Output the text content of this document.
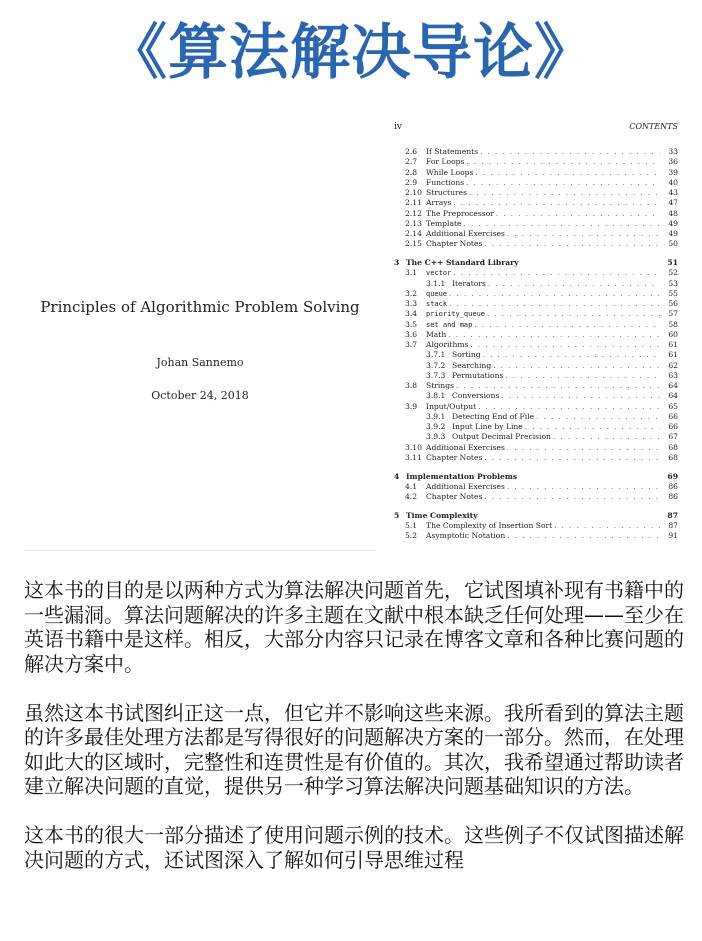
《算法解决导论》
Principles of Algorithmic Problem Solving
Johan Sannemo
October 24, 2018
iv	CONTENTS
2.6 If Statements . . .	33
2.7 For Loops . . .	36
2.8 While Loops . . .	39
2.9 Functions . . .	40
2.10 Structures . . .	43
2.11 Arrays . . .	47
2.12 The Preprocessor . . .	48
2.13 Template . . .	49
2.14 Additional Exercises . . .	49
2.15 Chapter Notes . . .	50
3 The C++ Standard Library	51
3.1 vector . . .	52
3.1.1 Iterators . . .	53
3.2 queue . . .	55
3.3 stack . . .	56
3.4 priority_queue . . .	57
3.5 set and map . . .	58
3.6 Math . . .	60
3.7 Algorithms . . .	61
3.7.1 Sorting . . .	61
3.7.2 Searching . . .	62
3.7.3 Permutations . . .	63
3.8 Strings . . .	64
3.8.1 Conversions . . .	64
3.9 Input/Output . . .	65
3.9.1 Detecting End of File . . .	66
3.9.2 Input Line by Line . . .	66
3.9.3 Output Decimal Precision . . .	67
3.10 Additional Exercises . . .	68
3.11 Chapter Notes . . .	68
4 Implementation Problems	69
4.1 Additional Exercises . . .	86
4.2 Chapter Notes . . .	86
5 Time Complexity	87
5.1 The Complexity of Insertion Sort . . .	87
5.2 Asymptotic Notation . . .	91

这本书的目的是以两种方式为算法解决问题首先，它试图填补现有书籍中的一些漏洞。算法问题解决的许多主题在文献中根本缺乏任何处理——至少在英语书籍中是这样。相反，大部分内容只记录在博客文章和各种比赛问题的解决方案中。

虽然这本书试图纠正这一点，但它并不影响这些来源。我所看到的算法主题的许多最佳处理方法都是写得很好的问题解决方案的一部分。然而，在处理如此大的区域时，完整性和连贯性是有价值的。其次，我希望通过帮助读者建立解决问题的直觉，提供另一种学习算法解决问题基础知识的方法。

这本书的很大一部分描述了使用问题示例的技术。这些例子不仅试图描述解决问题的方式，还试图深入了解如何引导思维过程
